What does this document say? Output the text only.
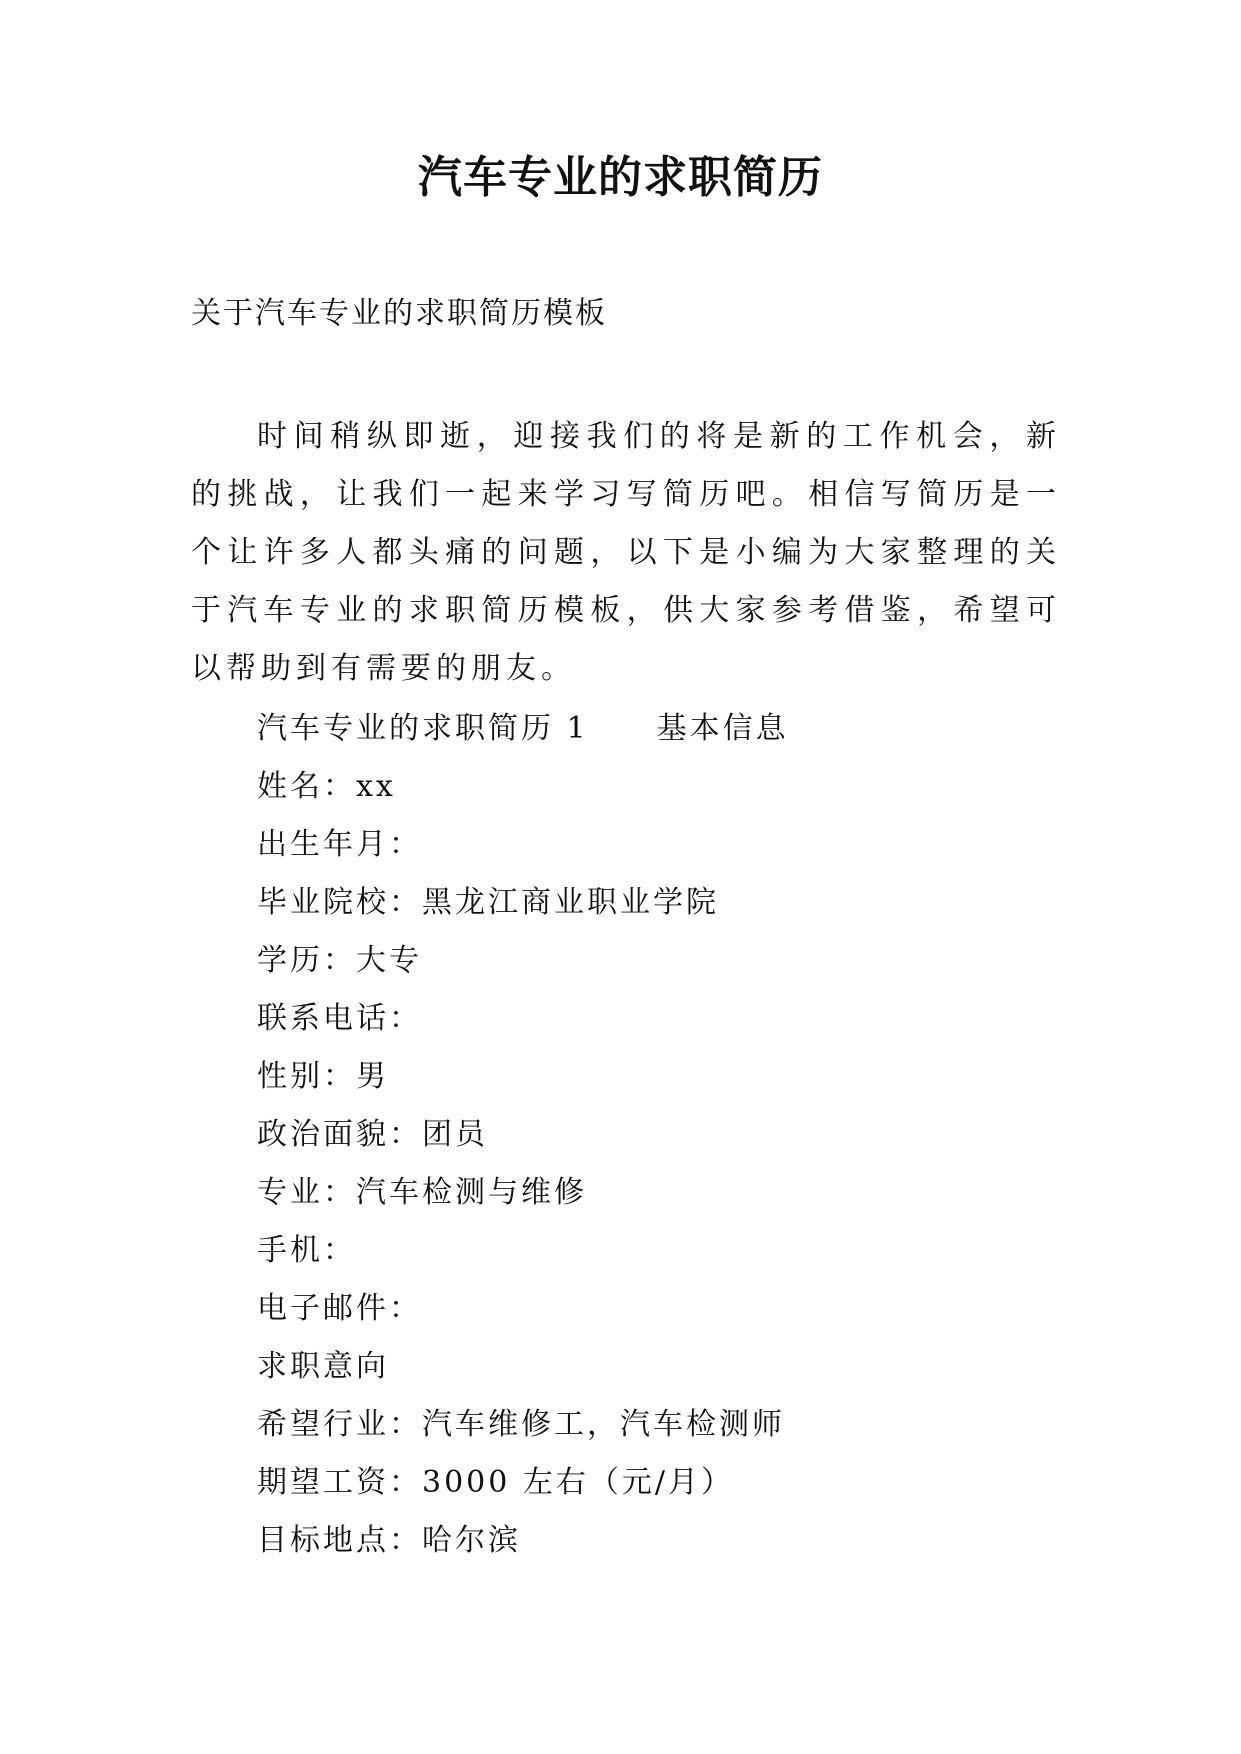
汽车专业的求职简历
关于汽车专业的求职简历模板
时间稍纵即逝，迎接我们的将是新的工作机会，新的挑战，让我们一起来学习写简历吧。相信写简历是一个让许多人都头痛的问题，以下是小编为大家整理的关于汽车专业的求职简历模板，供大家参考借鉴，希望可以帮助到有需要的朋友。
汽车专业的求职简历 1 基本信息
姓名：xx
出生年月：
毕业院校：黑龙江商业职业学院
学历：大专
联系电话：
性别：男
政治面貌：团员
专业：汽车检测与维修
手机：
电子邮件：
求职意向
希望行业：汽车维修工，汽车检测师
期望工资：3000 左右（元/月）
目标地点：哈尔滨
